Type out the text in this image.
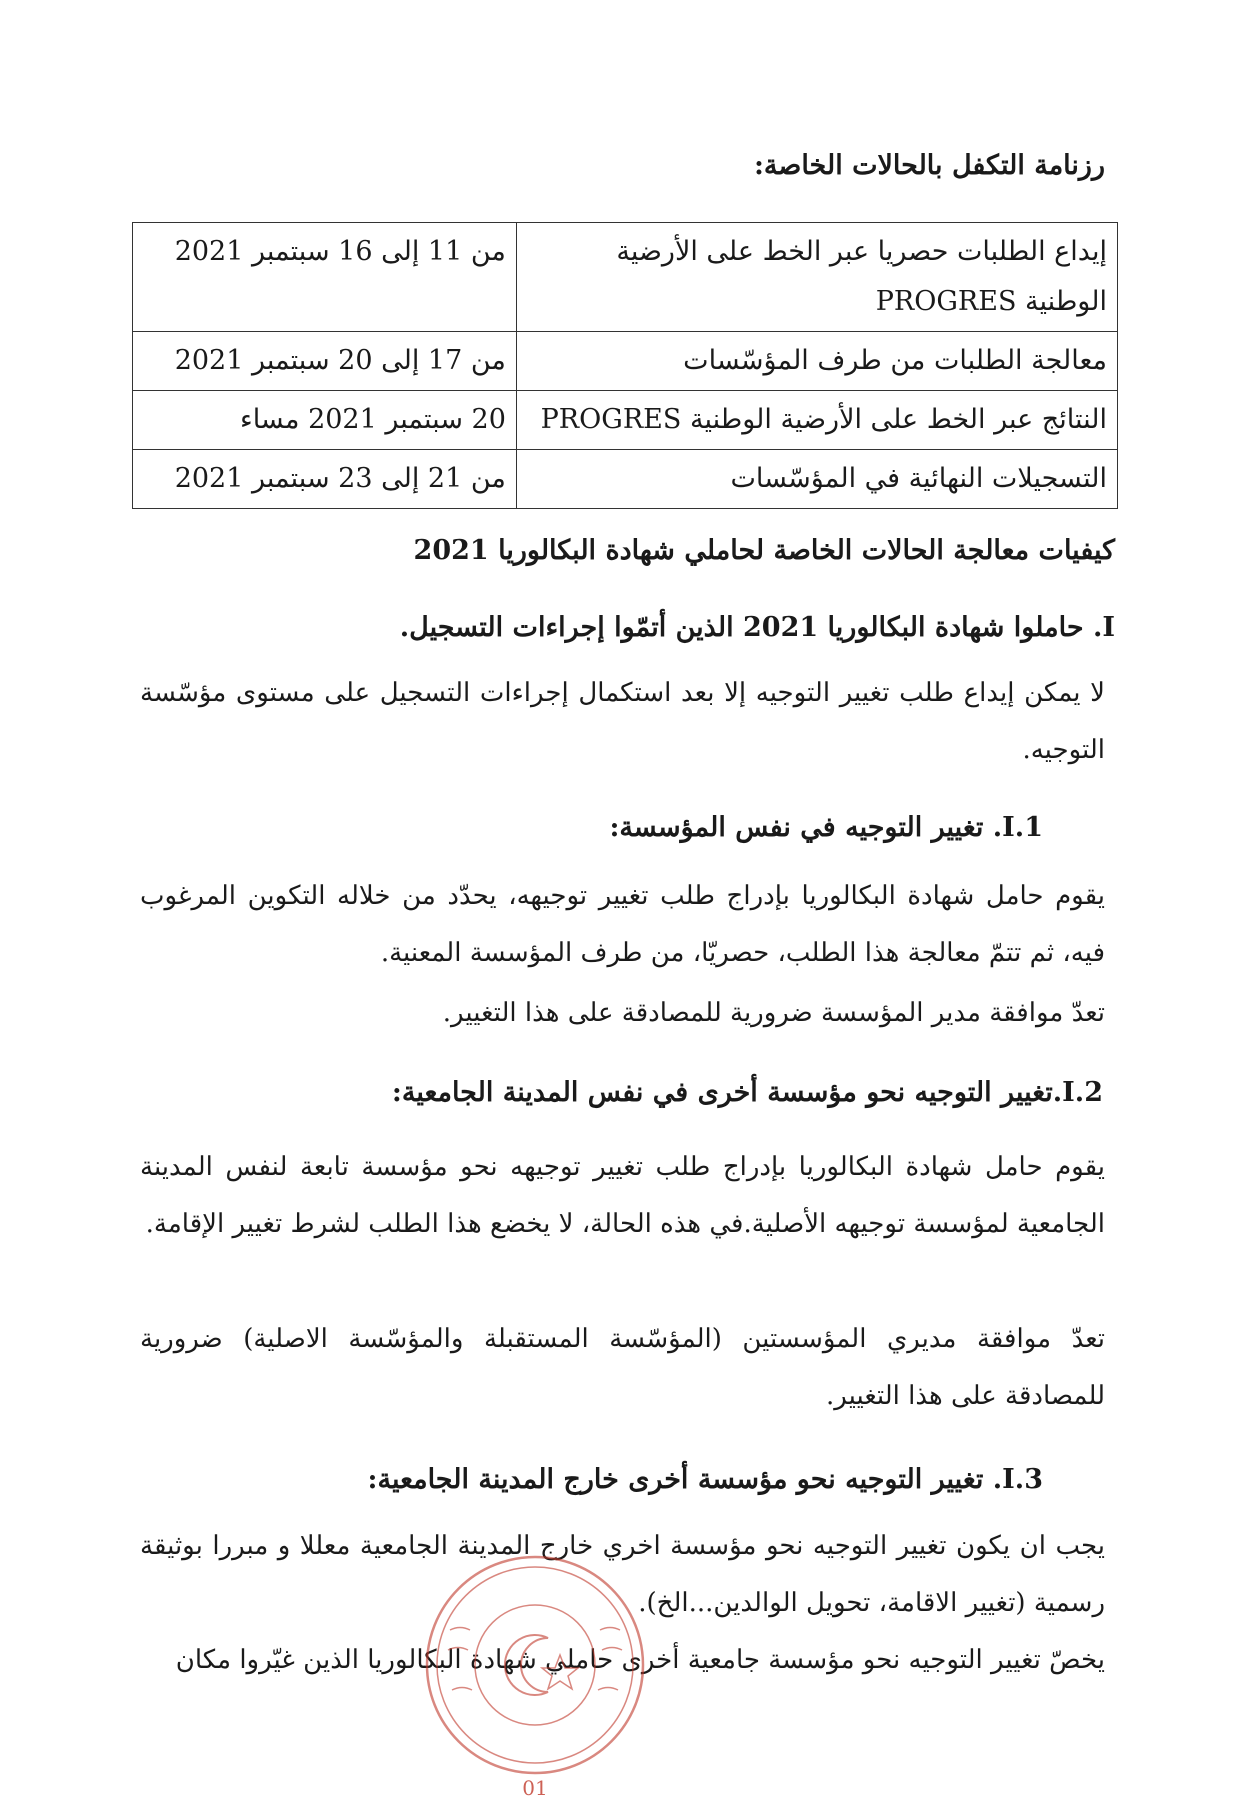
رزنامة التكفل بالحالات الخاصة:
إيداع الطلبات حصريا عبر الخط على الأرضية الوطنية PROGRES	من 11 إلى 16 سبتمبر 2021
معالجة الطلبات من طرف المؤسّسات	من 17 إلى 20 سبتمبر 2021
النتائج عبر الخط على الأرضية الوطنية PROGRES	20 سبتمبر 2021 مساء
التسجيلات النهائية في المؤسّسات	من 21 إلى 23 سبتمبر 2021
كيفيات معالجة الحالات الخاصة لحاملي شهادة البكالوريا 2021
I. حاملوا شهادة البكالوريا 2021 الذين أتمّوا إجراءات التسجيل.

لا يمكن إيداع طلب تغيير التوجيه إلا بعد استكمال إجراءات التسجيل على مستوى مؤسّسة التوجيه.

I.1. تغيير التوجيه في نفس المؤسسة:

يقوم حامل شهادة البكالوريا بإدراج طلب تغيير توجيهه، يحدّد من خلاله التكوين المرغوب فيه، ثم تتمّ معالجة هذا الطلب، حصريّا، من طرف المؤسسة المعنية.

تعدّ موافقة مدير المؤسسة ضرورية للمصادقة على هذا التغيير.

I.2.تغيير التوجيه نحو مؤسسة أخرى في نفس المدينة الجامعية:

يقوم حامل شهادة البكالوريا بإدراج طلب تغيير توجيهه نحو مؤسسة تابعة لنفس المدينة الجامعية لمؤسسة توجيهه الأصلية.في هذه الحالة، لا يخضع هذا الطلب لشرط تغيير الإقامة.

تعدّ موافقة مديري المؤسستين (المؤسّسة المستقبلة والمؤسّسة الاصلية) ضرورية للمصادقة على هذا التغيير.

I.3. تغيير التوجيه نحو مؤسسة أخرى خارج المدينة الجامعية:

يجب ان يكون تغيير التوجيه نحو مؤسسة اخري خارج المدينة الجامعية معللا و مبررا بوثيقة رسمية (تغيير الاقامة، تحويل الوالدين...الخ).

يخصّ تغيير التوجيه نحو مؤسسة جامعية أخرى حاملي شهادة البكالوريا الذين غيّروا مكان

01
